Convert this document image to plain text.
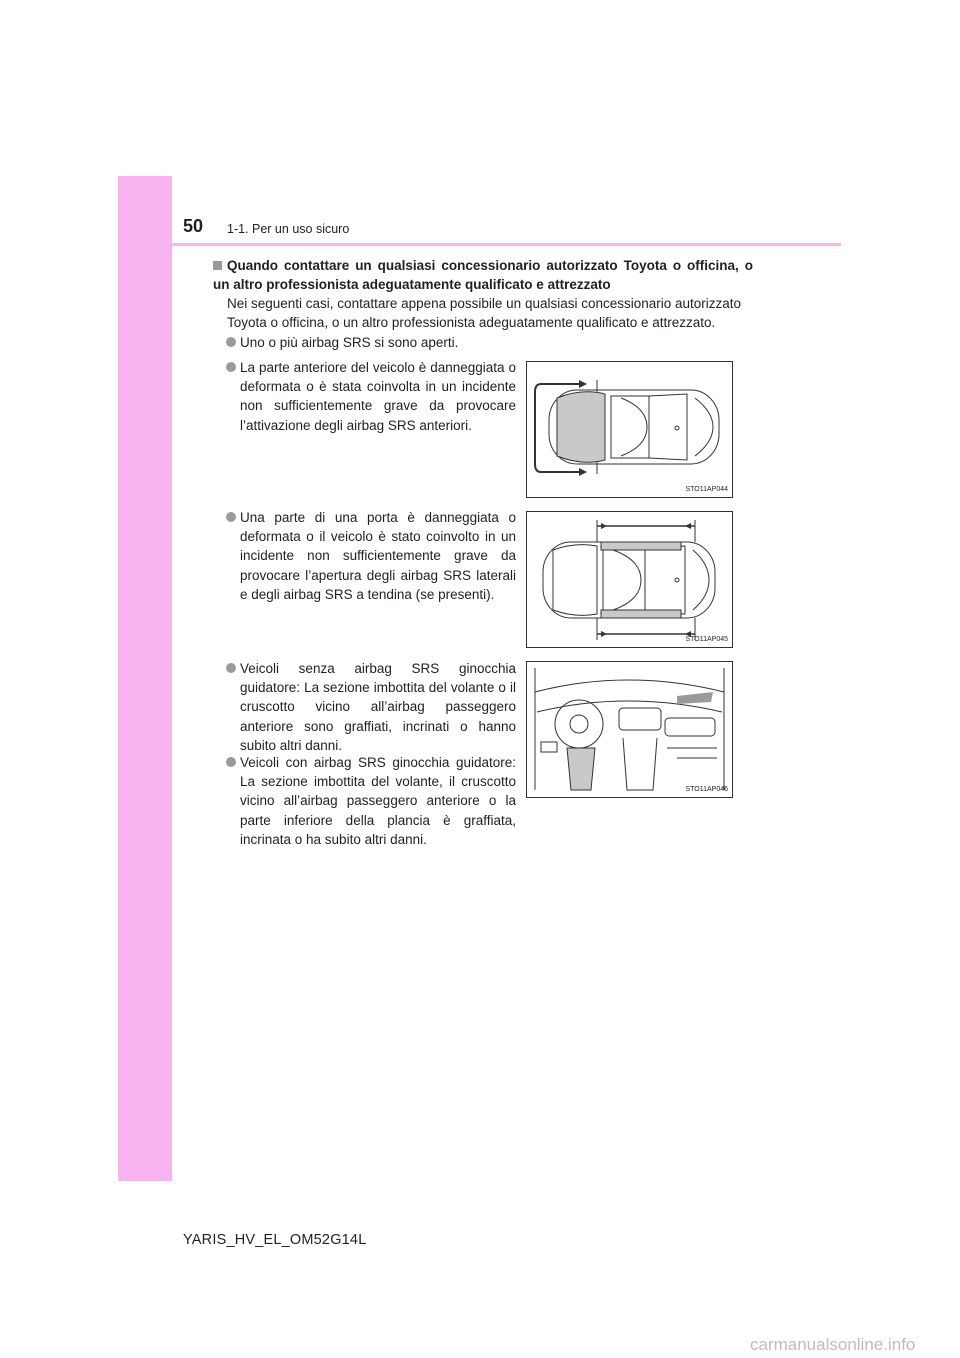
50 1-1. Per un uso sicuro
Quando contattare un qualsiasi concessionario autorizzato Toyota o officina, o un altro professionista adeguatamente qualificato e attrezzato
Nei seguenti casi, contattare appena possibile un qualsiasi concessionario autorizzato Toyota o officina, o un altro professionista adeguatamente qualificato e attrezzato.
Uno o più airbag SRS si sono aperti.
La parte anteriore del veicolo è danneggiata o deformata o è stata coinvolta in un incidente non sufficientemente grave da provocare l’attivazione degli airbag SRS anteriori.
Una parte di una porta è danneggiata o deformata o il veicolo è stato coinvolto in un incidente non sufficientemente grave da provocare l’apertura degli airbag SRS laterali e degli airbag SRS a tendina (se presenti).
Veicoli senza airbag SRS ginocchia guidatore: La sezione imbottita del volante o il cruscotto vicino all’airbag passeggero anteriore sono graffiati, incrinati o hanno subito altri danni.
Veicoli con airbag SRS ginocchia guidatore: La sezione imbottita del volante, il cruscotto vicino all’airbag passeggero anteriore o la parte inferiore della plancia è graffiata, incrinata o ha subito altri danni.
STO11AP044
STO11AP045
STO11AP046
YARIS_HV_EL_OM52G14L
carmanualsonline.info
